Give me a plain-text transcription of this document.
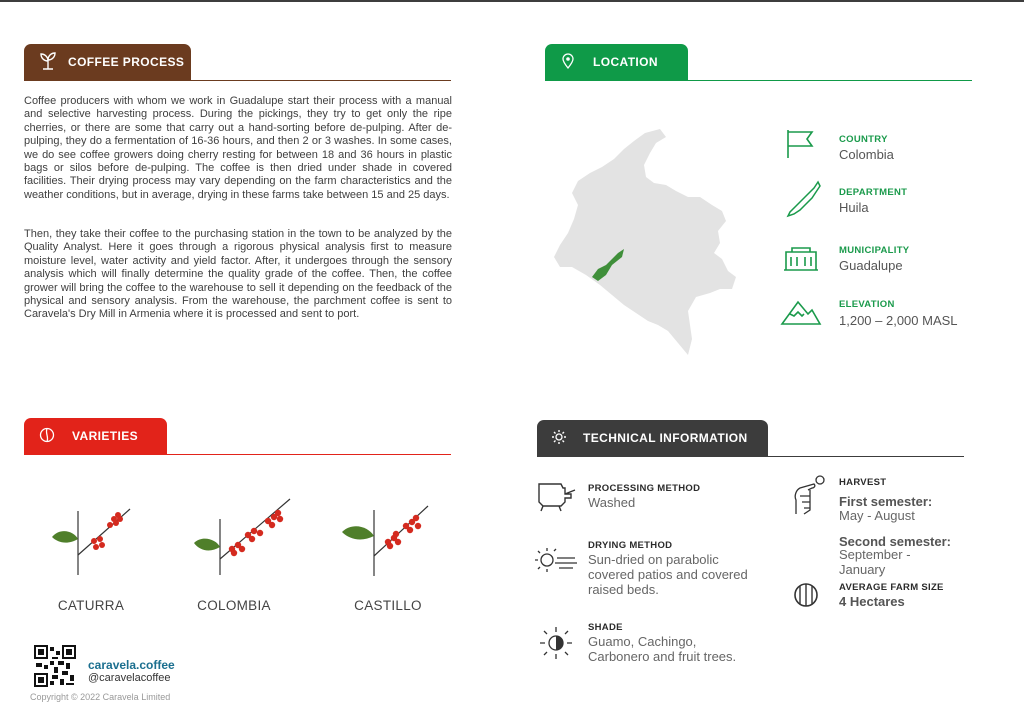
COFFEE PROCESS
Coffee producers with whom we work in Guadalupe start their process with a manual and selective harvesting process. During the pickings, they try to get only the ripe cherries, or there are some that carry out a hand-sorting before de-pulping. After de-pulping, they do a fermentation of 16-36 hours, and then 2 or 3 washes. In some cases, we do see coffee growers doing cherry resting for between 18 and 36 hours in plastic bags or silos before de-pulping. The coffee is then dried under shade in covered facilities. Their drying process may vary depending on the farm characteristics and the weather conditions, but in average, drying in these farms take between 15 and 25 days.
Then, they take their coffee to the purchasing station in the town to be analyzed by the Quality Analyst. Here it goes through a rigorous physical analysis first to measure moisture level, water activity and yield factor. After, it undergoes through the sensory analysis which will finally determine the quality grade of the coffee. Then, the coffee grower will bring the coffee to the warehouse to sell it depending on the feedback of the physical and sensory analysis. From the warehouse, the parchment coffee is sent to Caravela's Dry Mill in Armenia where it is processed and sent to port.
LOCATION
COUNTRY
Colombia
DEPARTMENT
Huila
MUNICIPALITY
Guadalupe
ELEVATION
1,200 – 2,000 MASL
VARIETIES
CATURRA	COLOMBIA	CASTILLO
TECHNICAL INFORMATION
PROCESSING METHOD
Washed
DRYING METHOD
Sun-dried on parabolic covered patios and covered raised beds.
SHADE
Guamo, Cachingo, Carbonero and fruit trees.
HARVEST
First semester:
May - August
Second semester:
September - January
AVERAGE FARM SIZE
4 Hectares
caravela.coffee
@caravelacoffee
Copyright © 2022 Caravela Limited
